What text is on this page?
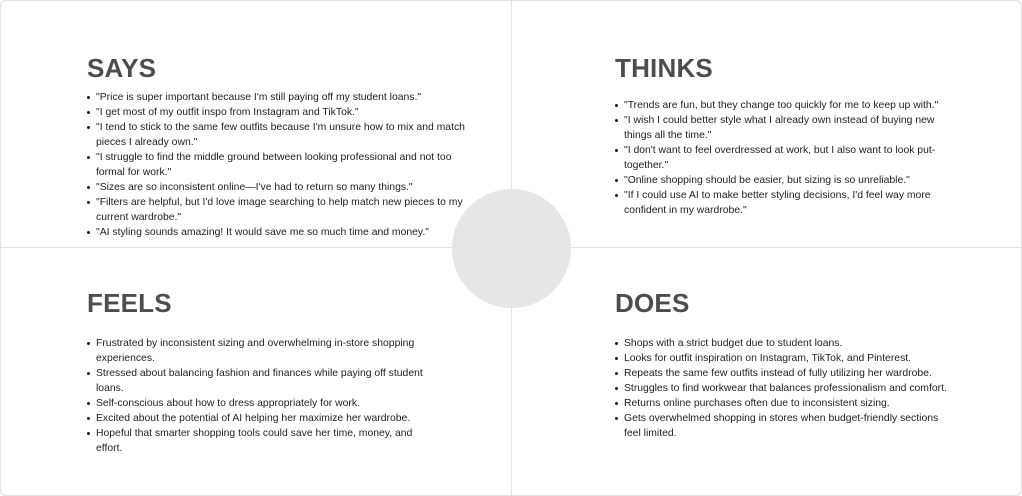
SAYS
"Price is super important because I'm still paying off my student loans."
"I get most of my outfit inspo from Instagram and TikTok."
"I tend to stick to the same few outfits because I'm unsure how to mix and match pieces I already own."
"I struggle to find the middle ground between looking professional and not too formal for work."
"Sizes are so inconsistent online—I've had to return so many things."
"Filters are helpful, but I'd love image searching to help match new pieces to my current wardrobe."
"AI styling sounds amazing! It would save me so much time and money."
THINKS
"Trends are fun, but they change too quickly for me to keep up with."
"I wish I could better style what I already own instead of buying new things all the time."
"I don't want to feel overdressed at work, but I also want to look put-together."
"Online shopping should be easier, but sizing is so unreliable."
"If I could use AI to make better styling decisions, I'd feel way more confident in my wardrobe."
FEELS
Frustrated by inconsistent sizing and overwhelming in-store shopping experiences.
Stressed about balancing fashion and finances while paying off student loans.
Self-conscious about how to dress appropriately for work.
Excited about the potential of AI helping her maximize her wardrobe.
Hopeful that smarter shopping tools could save her time, money, and effort.
DOES
Shops with a strict budget due to student loans.
Looks for outfit inspiration on Instagram, TikTok, and Pinterest.
Repeats the same few outfits instead of fully utilizing her wardrobe.
Struggles to find workwear that balances professionalism and comfort.
Returns online purchases often due to inconsistent sizing.
Gets overwhelmed shopping in stores when budget-friendly sections feel limited.
